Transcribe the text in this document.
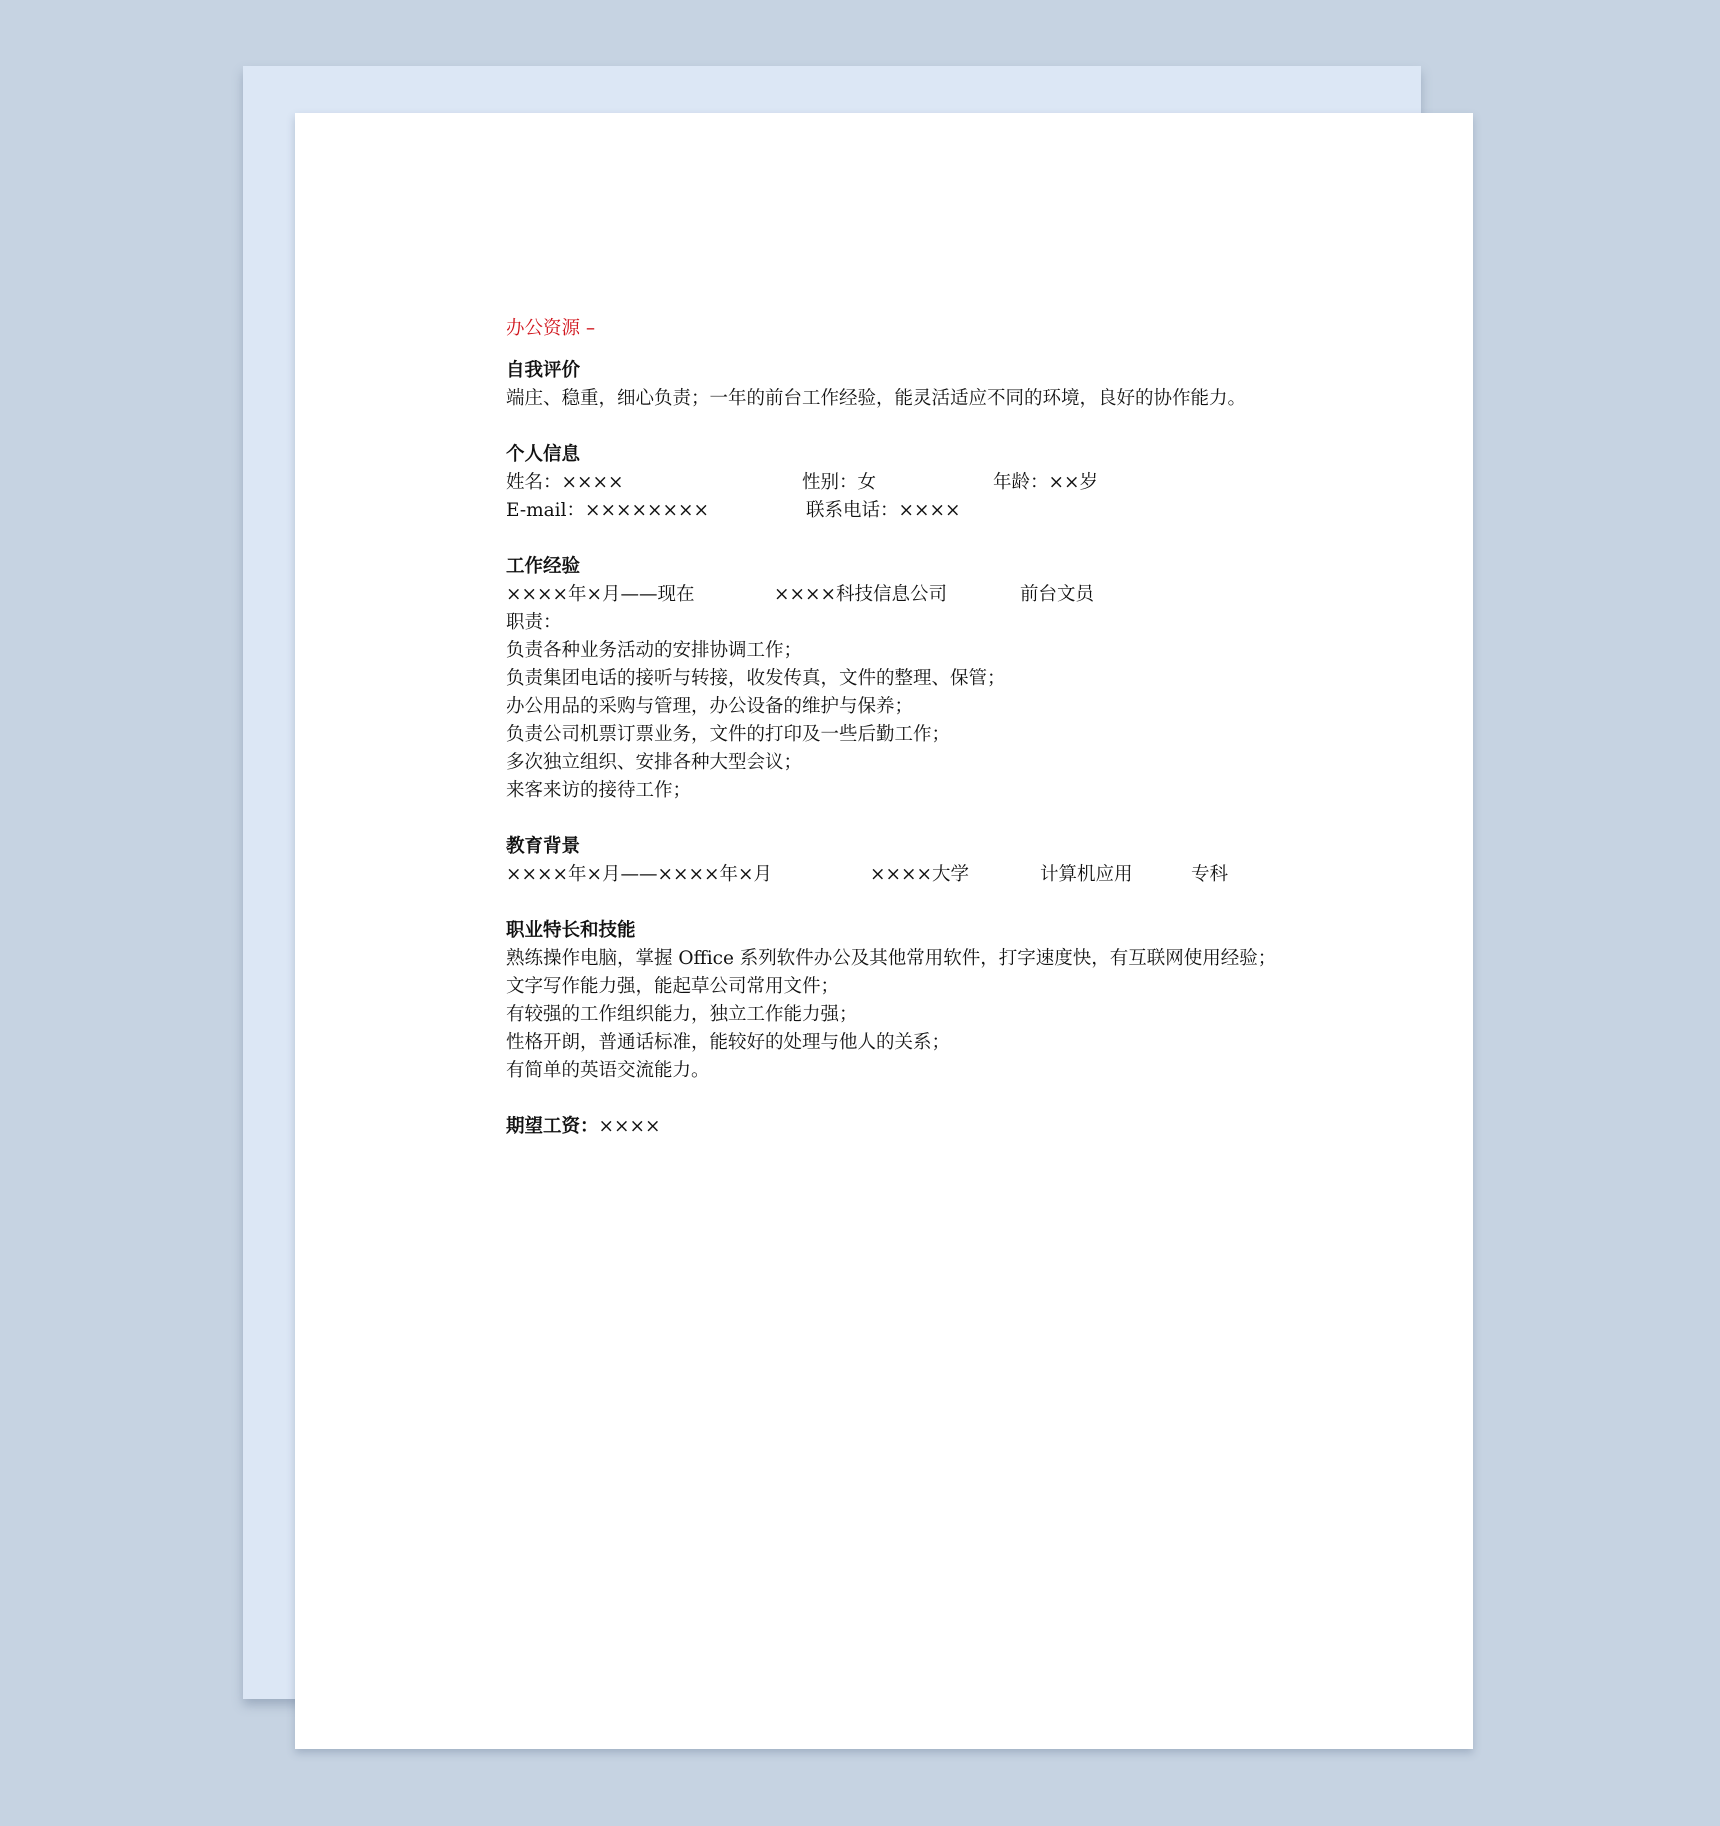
办公资源 –

自我评价

端庄、稳重，细心负责；一年的前台工作经验，能灵活适应不同的环境，良好的协作能力。

个人信息

姓名：××××	性别：女	年龄：××岁
E-mail：××××××××	联系电话：××××

工作经验

××××年×月——现在	××××科技信息公司	前台文员

职责：

负责各种业务活动的安排协调工作；

负责集团电话的接听与转接，收发传真，文件的整理、保管；

办公用品的采购与管理，办公设备的维护与保养；

负责公司机票订票业务，文件的打印及一些后勤工作；

多次独立组织、安排各种大型会议；

来客来访的接待工作；

教育背景

××××年×月——××××年×月	××××大学	计算机应用	专科

职业特长和技能

熟练操作电脑，掌握 Office 系列软件办公及其他常用软件，打字速度快，有互联网使用经验；

文字写作能力强，能起草公司常用文件；

有较强的工作组织能力，独立工作能力强；

性格开朗，普通话标准，能较好的处理与他人的关系；

有简单的英语交流能力。

期望工资：××××
